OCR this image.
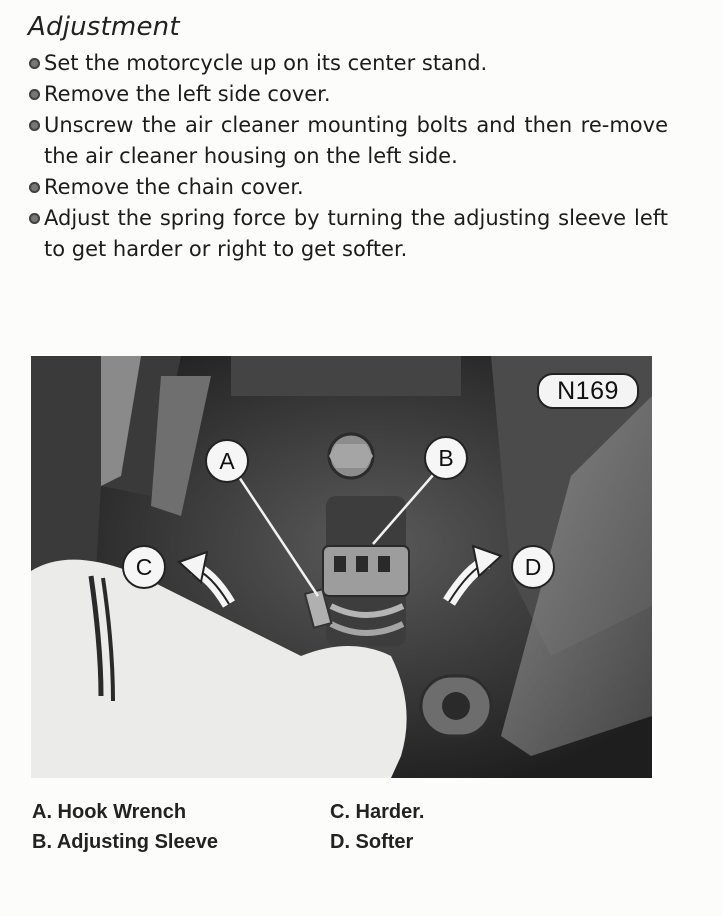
Adjustment
Set the motorcycle up on its center stand.
Remove the left side cover.
Unscrew the air cleaner mounting bolts and then re-move the air cleaner housing on the left side.
Remove the chain cover.
Adjust the spring force by turning the adjusting sleeve left to get harder or right to get softer.
N169
A	B
C	D
A. Hook Wrench
B. Adjusting Sleeve
C. Harder.
D. Softer
